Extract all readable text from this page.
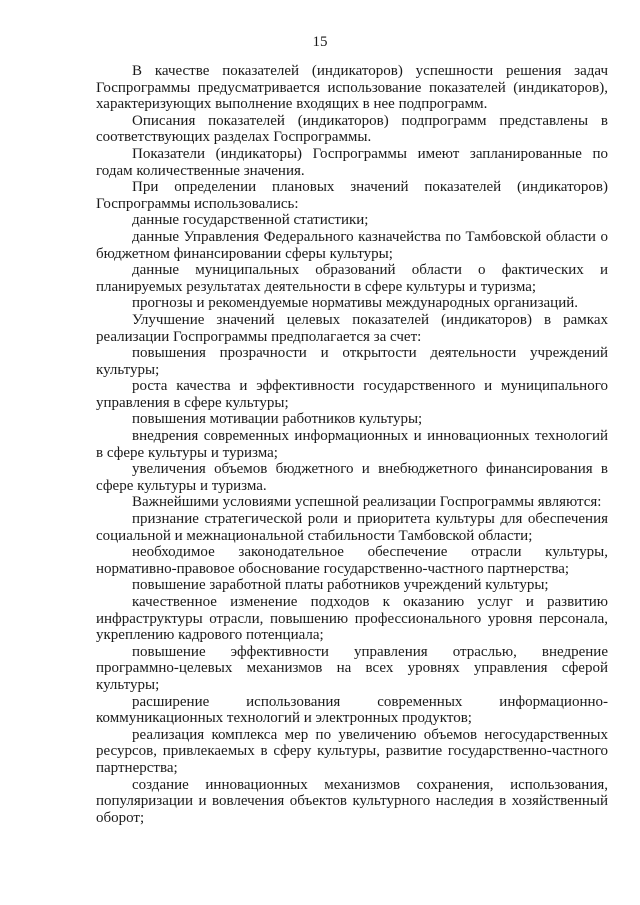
15

В качестве показателей (индикаторов) успешности решения задач Госпрограммы предусматривается использование показателей (индикаторов), характеризующих выполнение входящих в нее подпрограмм.

Описания показателей (индикаторов) подпрограмм представлены в соответствующих разделах Госпрограммы.

Показатели (индикаторы) Госпрограммы имеют запланированные по годам количественные значения.

При определении плановых значений показателей (индикаторов) Госпрограммы использовались:

данные государственной статистики;

данные Управления Федерального казначейства по Тамбовской области о бюджетном финансировании сферы культуры;

данные муниципальных образований области о фактических и планируемых результатах деятельности в сфере культуры и туризма;

прогнозы и рекомендуемые нормативы международных организаций.

Улучшение значений целевых показателей (индикаторов) в рамках реализации Госпрограммы предполагается за счет:

повышения прозрачности и открытости деятельности учреждений культуры;

роста качества и эффективности государственного и муниципального управления в сфере культуры;

повышения мотивации работников культуры;

внедрения современных информационных и инновационных технологий в сфере культуры и туризма;

увеличения объемов бюджетного и внебюджетного финансирования в сфере культуры и туризма.

Важнейшими условиями успешной реализации Госпрограммы являются:

признание стратегической роли и приоритета культуры для обеспечения социальной и межнациональной стабильности Тамбовской области;

необходимое законодательное обеспечение отрасли культуры, нормативно-правовое обоснование государственно-частного партнерства;

повышение заработной платы работников учреждений культуры;

качественное изменение подходов к оказанию услуг и развитию инфраструктуры отрасли, повышению профессионального уровня персонала, укреплению кадрового потенциала;

повышение эффективности управления отраслью, внедрение программно-целевых механизмов на всех уровнях управления сферой культуры;

расширение использования современных информационно-коммуникационных технологий и электронных продуктов;

реализация комплекса мер по увеличению объемов негосударственных ресурсов, привлекаемых в сферу культуры, развитие государственно-частного партнерства;

создание инновационных механизмов сохранения, использования, популяризации и вовлечения объектов культурного наследия в хозяйственный оборот;
